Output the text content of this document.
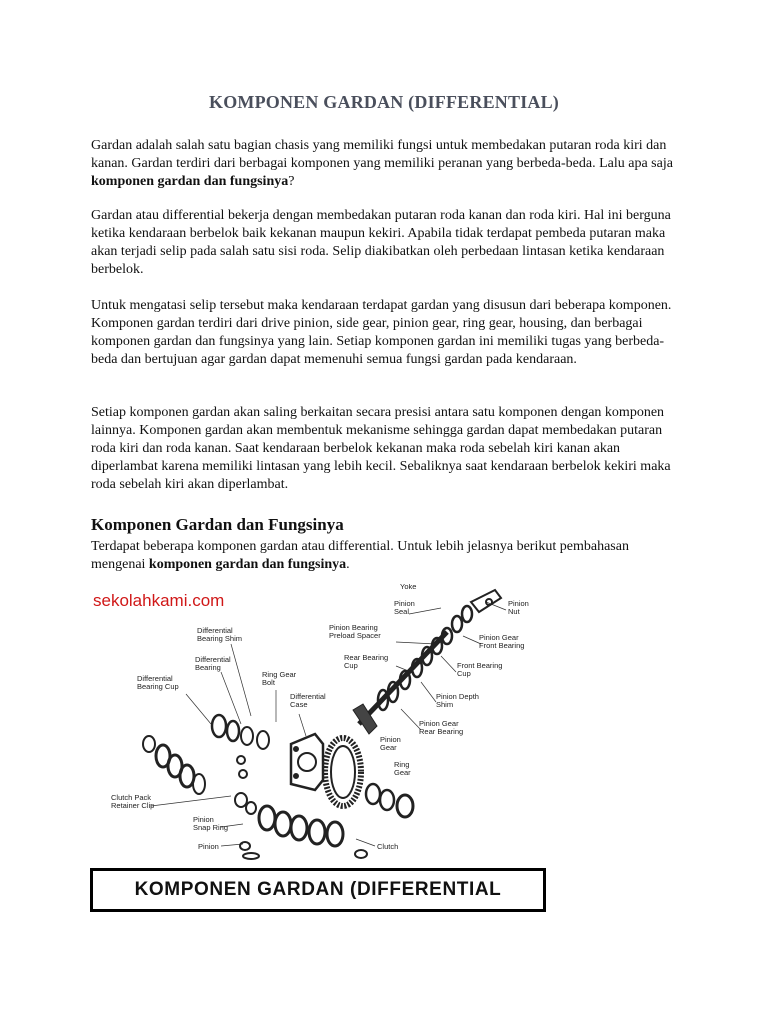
KOMPONEN GARDAN (DIFFERENTIAL)

Gardan adalah salah satu bagian chasis yang memiliki fungsi untuk membedakan putaran roda kiri dan kanan. Gardan terdiri dari berbagai komponen yang memiliki peranan yang berbeda-beda. Lalu apa saja komponen gardan dan fungsinya?

Gardan atau differential bekerja dengan membedakan putaran roda kanan dan roda kiri. Hal ini berguna ketika kendaraan berbelok baik kekanan maupun kekiri. Apabila tidak terdapat pembeda putaran maka akan terjadi selip pada salah satu sisi roda. Selip diakibatkan oleh perbedaan lintasan ketika kendaraan berbelok.

Untuk mengatasi selip tersebut maka kendaraan terdapat gardan yang disusun dari beberapa komponen. Komponen gardan terdiri dari drive pinion, side gear, pinion gear, ring gear, housing, dan berbagai komponen gardan dan fungsinya yang lain. Setiap komponen gardan ini memiliki tugas yang berbeda-beda dan bertujuan agar gardan dapat memenuhi semua fungsi gardan pada kendaraan.

Setiap komponen gardan akan saling berkaitan secara presisi antara satu komponen dengan komponen lainnya. Komponen gardan akan membentuk mekanisme sehingga gardan dapat membedakan putaran roda kiri dan roda kanan. Saat kendaraan berbelok kekanan maka roda sebelah kiri kanan akan diperlambat karena memiliki lintasan yang lebih kecil. Sebaliknya saat kendaraan berbelok kekiri maka roda sebelah kiri akan diperlambat.

Komponen Gardan dan Fungsinya

Terdapat beberapa komponen gardan atau differential. Untuk lebih jelasnya berikut pembahasan mengenai komponen gardan dan fungsinya.

sekolahkami.com
Differential Bearing Shim
Differential Bearing
Differential Bearing Cup
Ring Gear Bolt
Differential Case
Clutch Pack Retainer Clip
Pinion Snap Ring
Pinion	Clutch
Yoke
Pinion Seal
Pinion Nut
Pinion Bearing Preload Spacer	Pinion Gear Front Bearing
Rear Bearing Cup	Front Bearing Cup
Pinion Depth Shim
Pinion Gear Rear Bearing
Pinion Gear
Ring Gear
KOMPONEN GARDAN (DIFFERENTIAL
